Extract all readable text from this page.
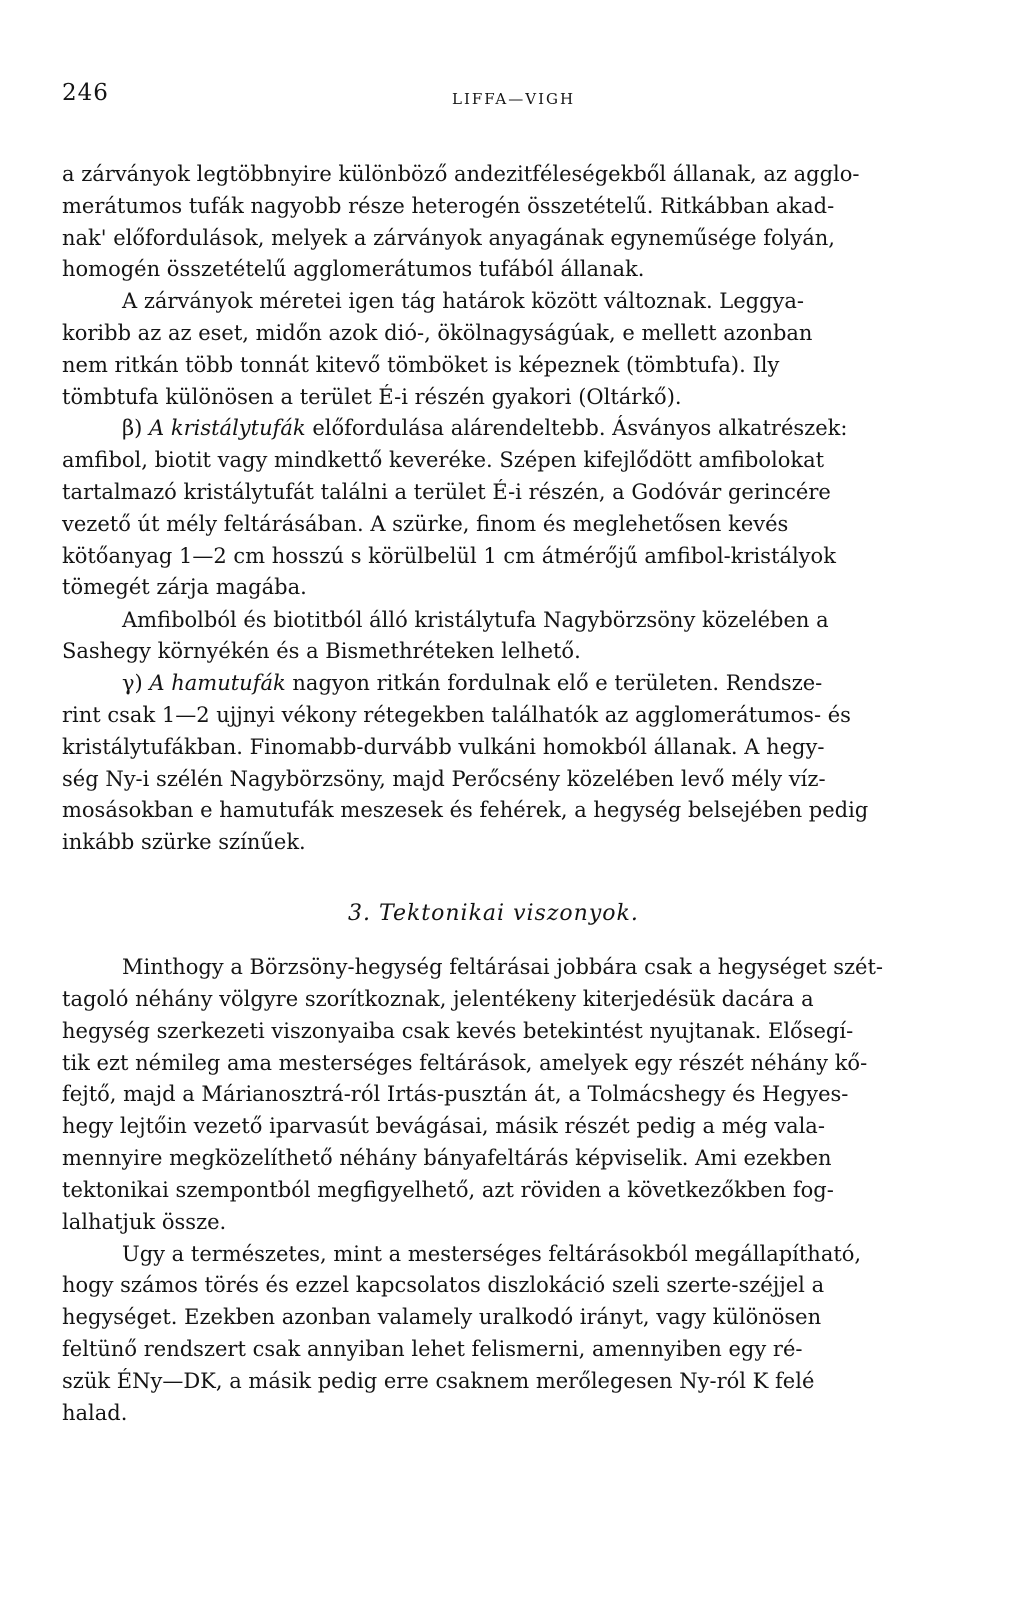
246	LIFFA—VIGH
3. Tektonikai viszonyok.
a zárványok legtöbbnyire különböző andezitféleségekből állanak, az agglo-
merátumos tufák nagyobb része heterogén összetételű. Ritkábban akad-
nak' előfordulások, melyek a zárványok anyagának egyneműsége folyán,
homogén összetételű agglomerátumos tufából állanak.
A zárványok méretei igen tág határok között változnak. Leggya-
koribb az az eset, midőn azok dió-, ökölnagyságúak, e mellett azonban
nem ritkán több tonnát kitevő tömböket is képeznek (tömbtufa). Ily
tömbtufa különösen a terület É-i részén gyakori (Oltárkő).
β) A kristálytufák előfordulása alárendeltebb. Ásványos alkatrészek:
amfibol, biotit vagy mindkettő keveréke. Szépen kifejlődött amfibolokat
tartalmazó kristálytufát találni a terület É-i részén, a Godóvár gerincére
vezető út mély feltárásában. A szürke, finom és meglehetősen kevés
kötőanyag 1—2 cm hosszú s körülbelül 1 cm átmérőjű amfibol-kristályok
tömegét zárja magába.
Amfibolból és biotitból álló kristálytufa Nagybörzsöny közelében a
Sashegy környékén és a Bismethréteken lelhető.
γ) A hamutufák nagyon ritkán fordulnak elő e területen. Rendsze-
rint csak 1—2 ujjnyi vékony rétegekben találhatók az agglomerátumos- és
kristálytufákban. Finomabb-durvább vulkáni homokból állanak. A hegy-
ség Ny-i szélén Nagybörzsöny, majd Perőcsény közelében levő mély víz-
mosásokban e hamutufák meszesek és fehérek, a hegység belsejében pedig
inkább szürke színűek.
Minthogy a Börzsöny-hegység feltárásai jobbára csak a hegységet szét-
tagoló néhány völgyre szorítkoznak, jelentékeny kiterjedésük dacára a
hegység szerkezeti viszonyaiba csak kevés betekintést nyujtanak. Elősegí-
tik ezt némileg ama mesterséges feltárások, amelyek egy részét néhány kő-
fejtő, majd a Márianosztrá-ról Irtás-pusztán át, a Tolmácshegy és Hegyes-
hegy lejtőin vezető iparvasút bevágásai, másik részét pedig a még vala-
mennyire megközelíthető néhány bányafeltárás képviselik. Ami ezekben
tektonikai szempontból megfigyelhető, azt röviden a következőkben fog-
lalhatjuk össze.
Ugy a természetes, mint a mesterséges feltárásokból megállapítható,
hogy számos törés és ezzel kapcsolatos diszlokáció szeli szerte-széjjel a
hegységet. Ezekben azonban valamely uralkodó irányt, vagy különösen
feltünő rendszert csak annyiban lehet felismerni, amennyiben egy ré-
szük ÉNy—DK, a másik pedig erre csaknem merőlegesen Ny-ról K felé
halad.
